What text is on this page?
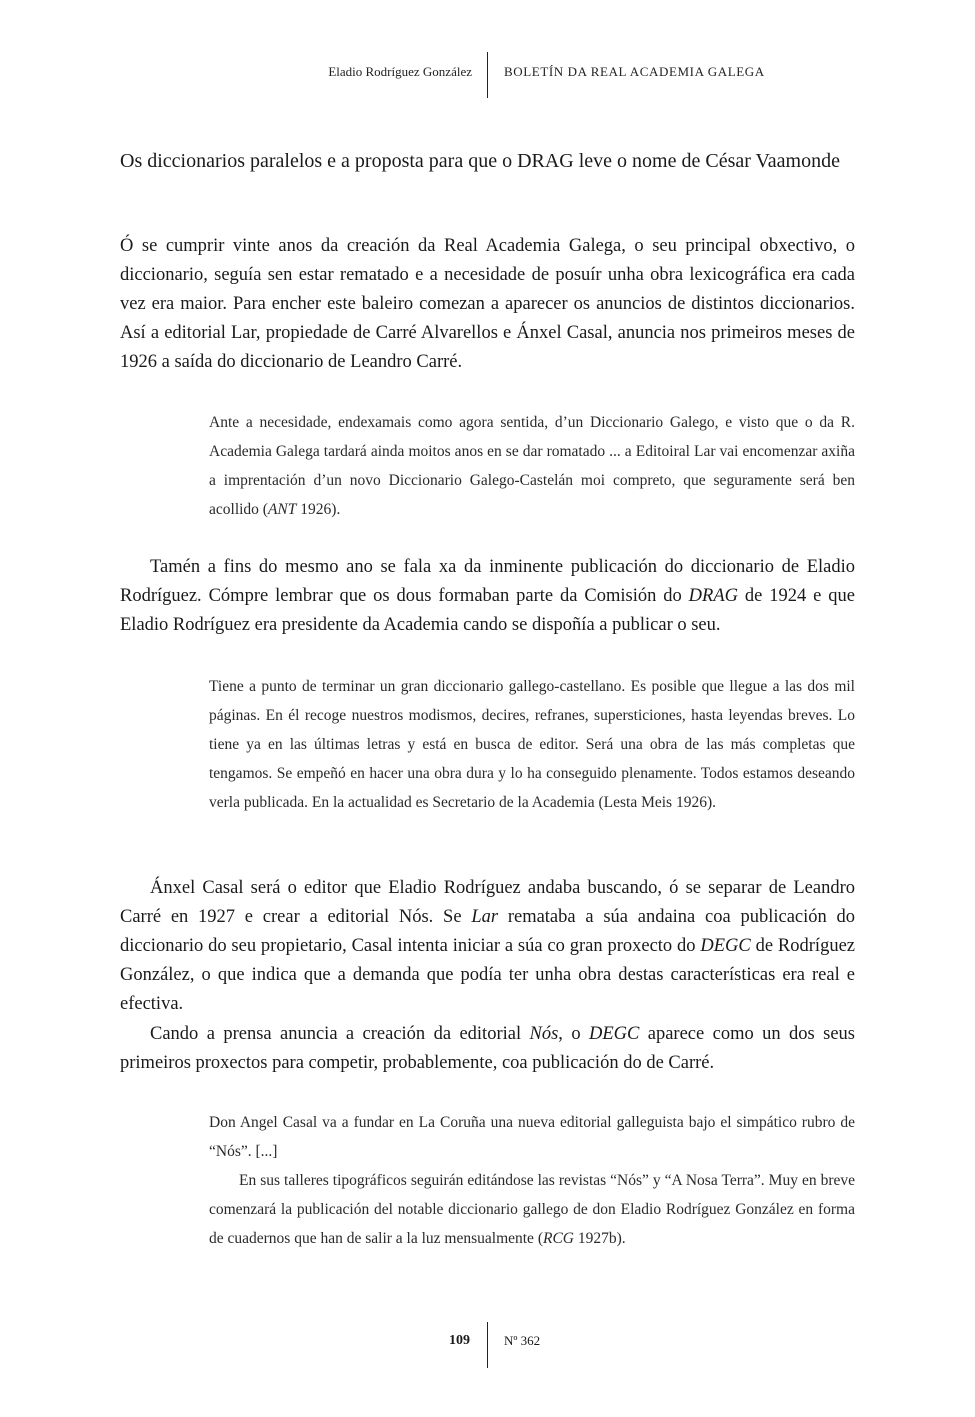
Eladio Rodríguez González BOLETÍN DA REAL ACADEMIA GALEGA
Os diccionarios paralelos e a proposta para que o DRAG leve o nome de César Vaamonde

Ó se cumprir vinte anos da creación da Real Academia Galega, o seu principal obxectivo, o diccionario, seguía sen estar rematado e a necesidade de posuír unha obra lexicográfica era cada vez era maior. Para encher este baleiro comezan a aparecer os anuncios de distintos diccionarios. Así a editorial Lar, propiedade de Carré Alvarellos e Ánxel Casal, anuncia nos primeiros meses de 1926 a saída do diccionario de Leandro Carré.

Ante a necesidade, endexamais como agora sentida, d’un Diccionario Galego, e visto que o da R. Academia Galega tardará ainda moitos anos en se dar romatado ... a Editoiral Lar vai encomenzar axiña a imprentación d’un novo Diccionario Galego-Castelán moi compreto, que seguramente será ben acollido (ANT 1926).

Tamén a fins do mesmo ano se fala xa da inminente publicación do diccionario de Eladio Rodríguez. Cómpre lembrar que os dous formaban parte da Comisión do DRAG de 1924 e que Eladio Rodríguez era presidente da Academia cando se dispoñía a publicar o seu.

Tiene a punto de terminar un gran diccionario gallego-castellano. Es posible que llegue a las dos mil páginas. En él recoge nuestros modismos, decires, refranes, supersticiones, hasta leyendas breves. Lo tiene ya en las últimas letras y está en busca de editor. Será una obra de las más completas que tengamos. Se empeñó en hacer una obra dura y lo ha conseguido plenamente. Todos estamos deseando verla publicada. En la actualidad es Secretario de la Academia (Lesta Meis 1926).

Ánxel Casal será o editor que Eladio Rodríguez andaba buscando, ó se separar de Leandro Carré en 1927 e crear a editorial Nós. Se Lar remataba a súa andaina coa publicación do diccionario do seu propietario, Casal intenta iniciar a súa co gran proxecto do DEGC de Rodríguez González, o que indica que a demanda que podía ter unha obra destas características era real e efectiva.

Cando a prensa anuncia a creación da editorial Nós, o DEGC aparece como un dos seus primeiros proxectos para competir, probablemente, coa publicación do de Carré.

Don Angel Casal va a fundar en La Coruña una nueva editorial galleguista bajo el simpático rubro de “Nós”. [...]

En sus talleres tipográficos seguirán editándose las revistas “Nós” y “A Nosa Terra”. Muy en breve comenzará la publicación del notable diccionario gallego de don Eladio Rodríguez González en forma de cuadernos que han de salir a la luz mensualmente (RCG 1927b).

109	Nº 362
